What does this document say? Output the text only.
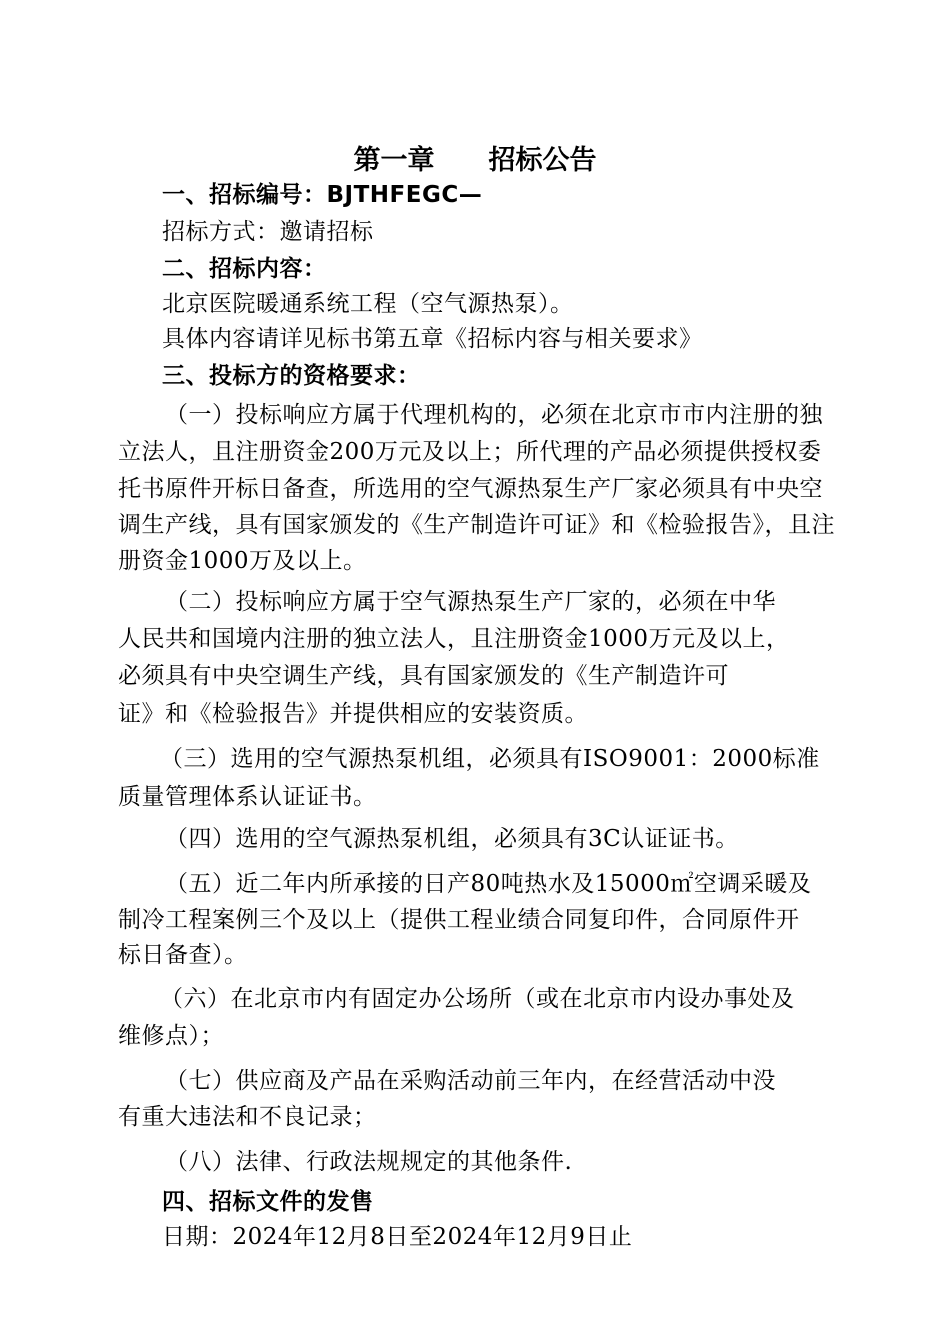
第一章　　招标公告
一、招标编号：BJTHFEGC—
招标方式：邀请招标
二、招标内容：
北京医院暖通系统工程（空气源热泵）。
具体内容请详见标书第五章《招标内容与相关要求》
三、投标方的资格要求：
（一）投标响应方属于代理机构的，必须在北京市市内注册的独
立法人，且注册资金200万元及以上；所代理的产品必须提供授权委
托书原件开标日备查，所选用的空气源热泵生产厂家必须具有中央空
调生产线，具有国家颁发的《生产制造许可证》和《检验报告》，且注
册资金1000万及以上。
（二）投标响应方属于空气源热泵生产厂家的，必须在中华
人民共和国境内注册的独立法人，且注册资金1000万元及以上，
必须具有中央空调生产线，具有国家颁发的《生产制造许可
证》和《检验报告》并提供相应的安装资质。
（三）选用的空气源热泵机组，必须具有ISO9001：2000标准
质量管理体系认证证书。
（四）选用的空气源热泵机组，必须具有3C认证证书。
（五）近二年内所承接的日产80吨热水及15000㎡空调采暖及
制冷工程案例三个及以上（提供工程业绩合同复印件，合同原件开
标日备查）。
（六）在北京市内有固定办公场所（或在北京市内设办事处及
维修点）；
（七）供应商及产品在采购活动前三年内，在经营活动中没
有重大违法和不良记录；
（八）法律、行政法规规定的其他条件.
四、招标文件的发售
日期：2024年12月8日至2024年12月9日止
